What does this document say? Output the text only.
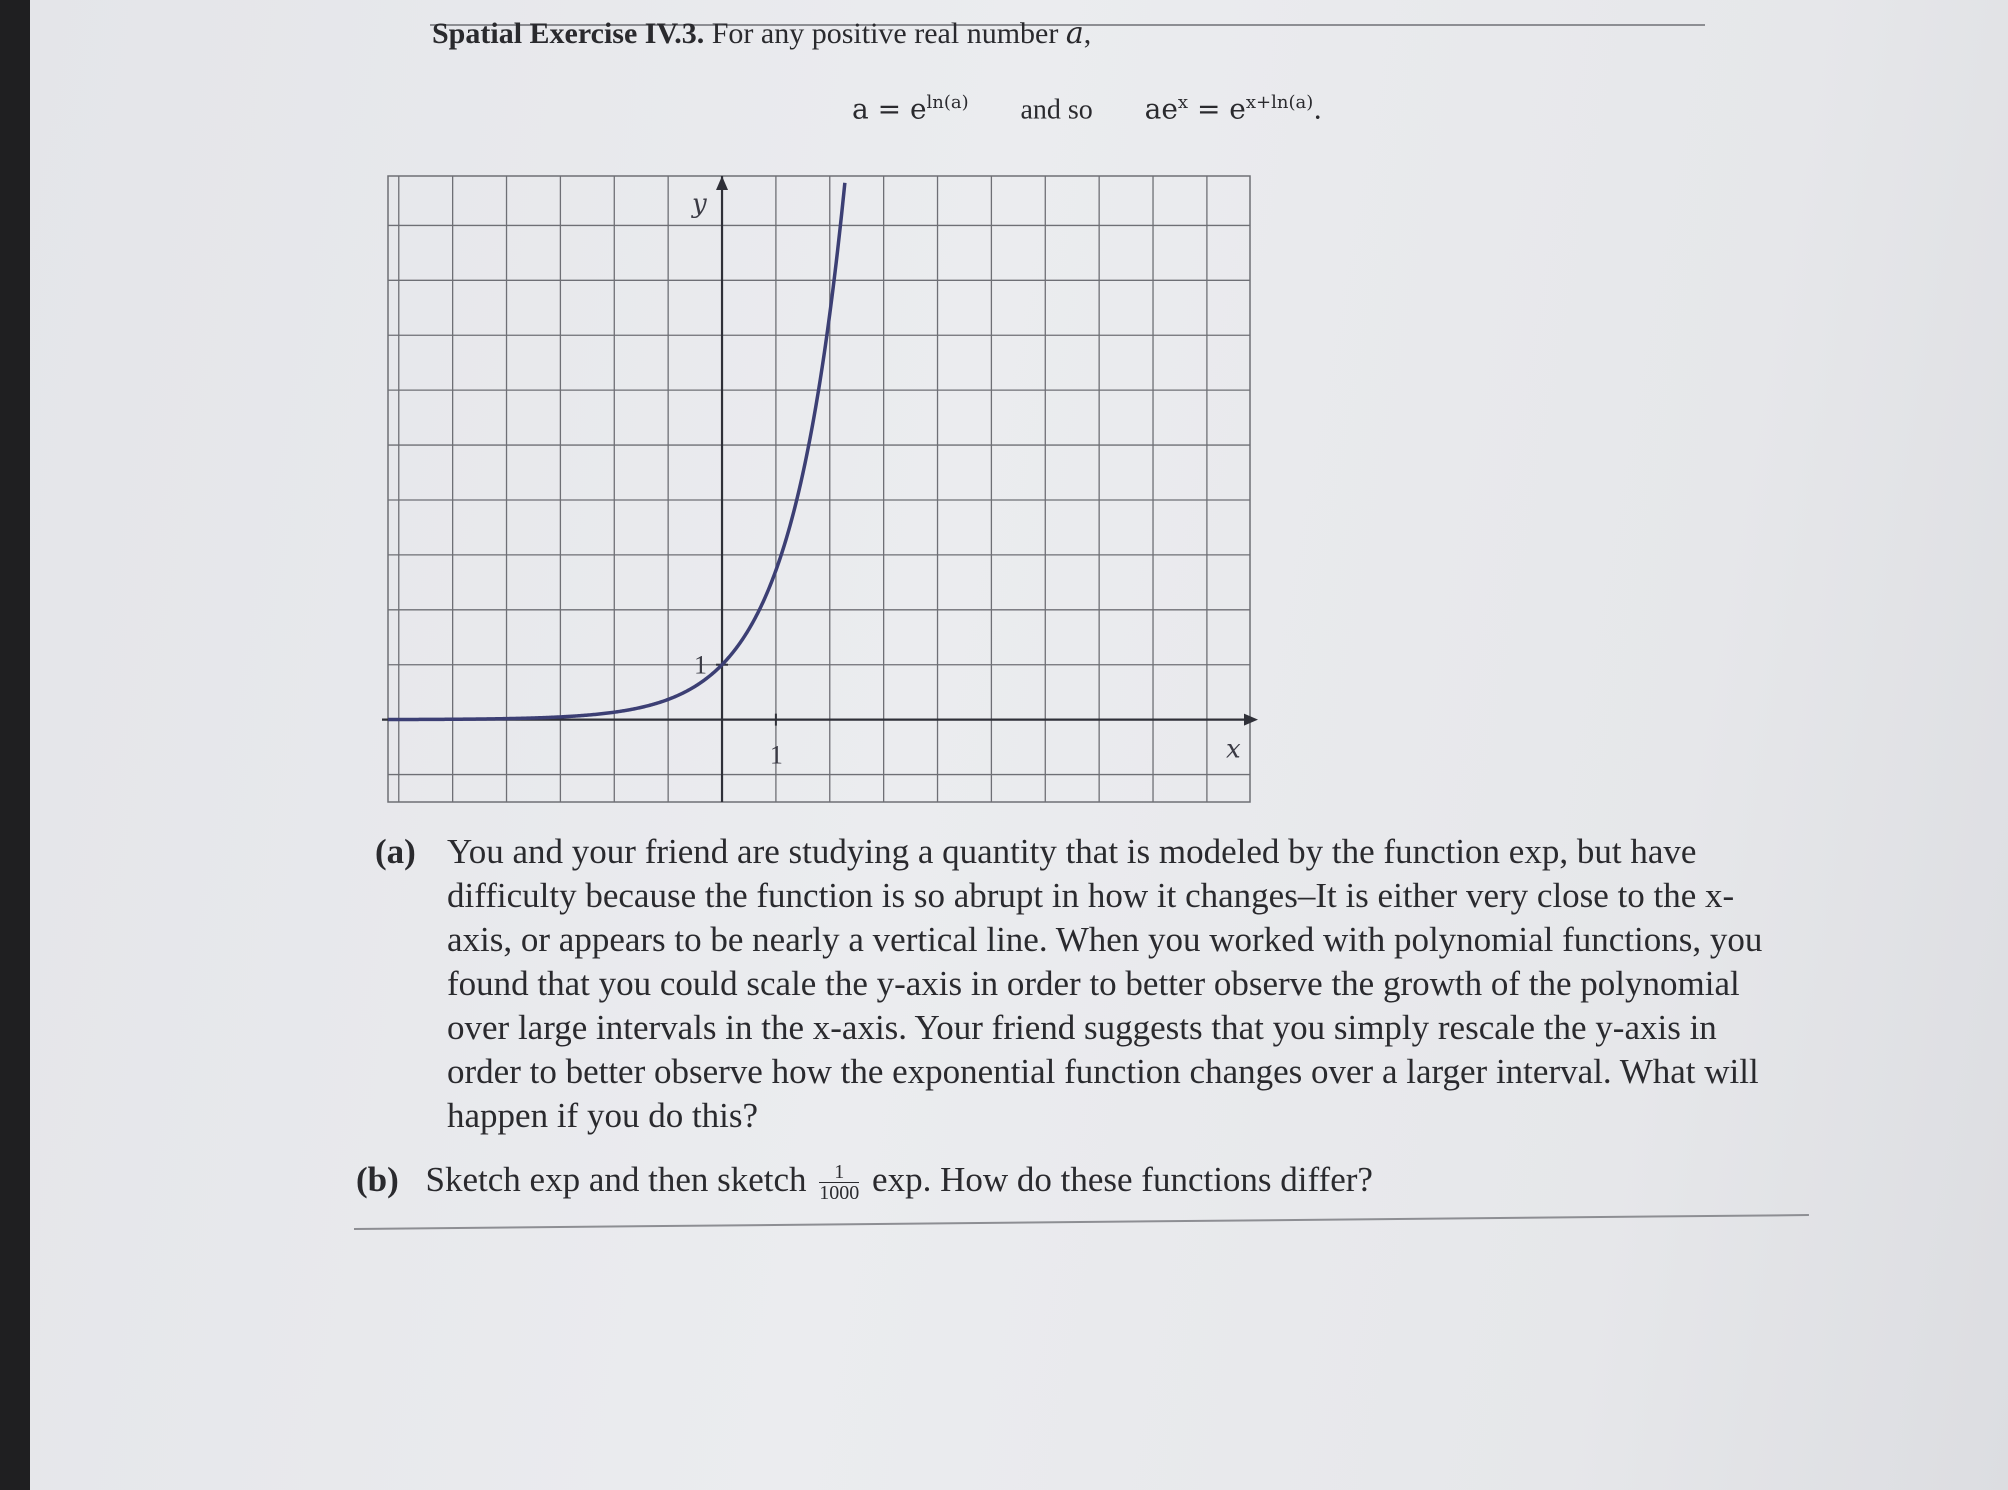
Spatial Exercise IV.3. For any positive real number a,
$a = e^{ln(a)}$ and so $ae^x = e^{x+ln(a)}$.
x
y
1
1
(a) You and your friend are studying a quantity that is modeled by the function exp, but have difficulty because the function is so abrupt in how it changes–It is either very close to the x-axis, or appears to be nearly a vertical line. When you worked with polynomial functions, you found that you could scale the y-axis in order to better observe the growth of the polynomial over large intervals in the x-axis. Your friend suggests that you simply rescale the y-axis in order to better observe how the exponential function changes over a larger interval. What will happen if you do this?
(b) Sketch exp and then sketch $\frac{1}{1000} \exp$. How do these functions differ?
